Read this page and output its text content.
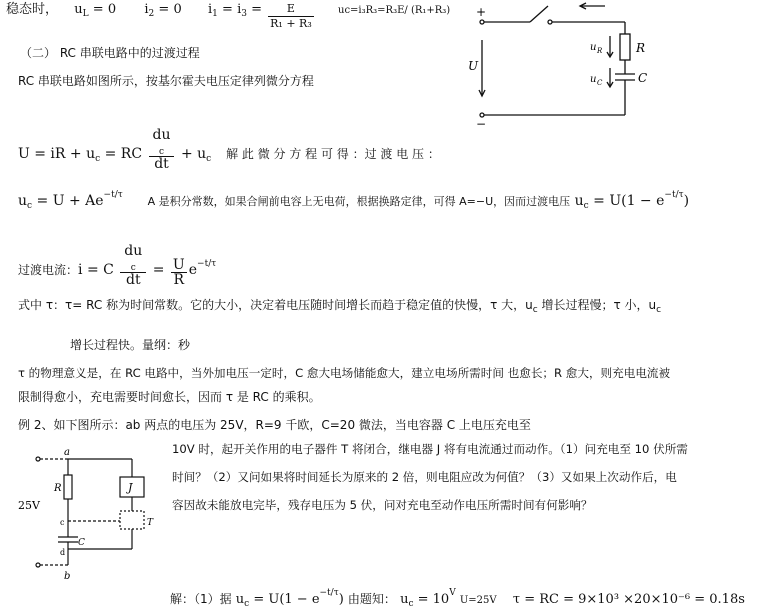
稳态时， $u_L = 0$ $i_2 = 0$ $i_1 = i_3 = \frac{E}{\text{R₁ + R₃}} uc=i_3R_3=R_3E/$ (R₁+R₃)
（二） RC 串联电路中的过渡过程
RC 串联电路如图所示，按基尔霍夫电压定律列微分方程
+
−
U
u R	R
u C	C
U = iR + $u_c$ = RC du
c
dt + $u_c$ 解 此 微 分 方 程 可 得 ：过 渡 电 压 ：
$u_c = U + Ae^{-t/\tau}$ A 是积分常数，如果合闸前电容上无电荷，根据换路定律，可得 A=−U，因而过渡电压 $u_c = U(1 - e^{-t/\tau})$
过渡电流：i = C du
c
dt = $\frac{U}{R} e^{-t/\tau}$
式中 τ：τ= RC 称为时间常数。它的大小，决定着电压随时间增长而趋于稳定值的快慢，τ 大，$u_c$ 增长过程慢；τ 小，$u_c$
增长过程快。量纲：秒
τ 的物理意义是，在 RC 电路中，当外加电压一定时，C 愈大电场储能愈大，建立电场所需时间 也愈长；R 愈大，则充电电流被
限制得愈小，充电需要时间愈长，因而 τ 是 RC 的乘积。
例 2、如下图所示：ab 两点的电压为 25V，R=9 千欧，C=20 微法，当电容器 C 上电压充电至
10V 时，起开关作用的电子器件 T 将闭合，继电器 J 将有电流通过而动作。（1）问充电至 10 伏所需
时间？（2）又问如果将时间延长为原来的 2 倍，则电阻应改为何值？（3）又如果上次动作后，电
容因故未能放电完毕，残存电压为 5 伏，问对充电至动作电压所需时间有何影响？
a
b
25V
R	J
C
T
c
d
解：（1）据 $u_c = U(1 - e^{-t/\tau})$ 由题知： $u_c = 10^V$ U=25V τ = RC = 9×10³ ×20×10⁻⁶ = 0.18s
